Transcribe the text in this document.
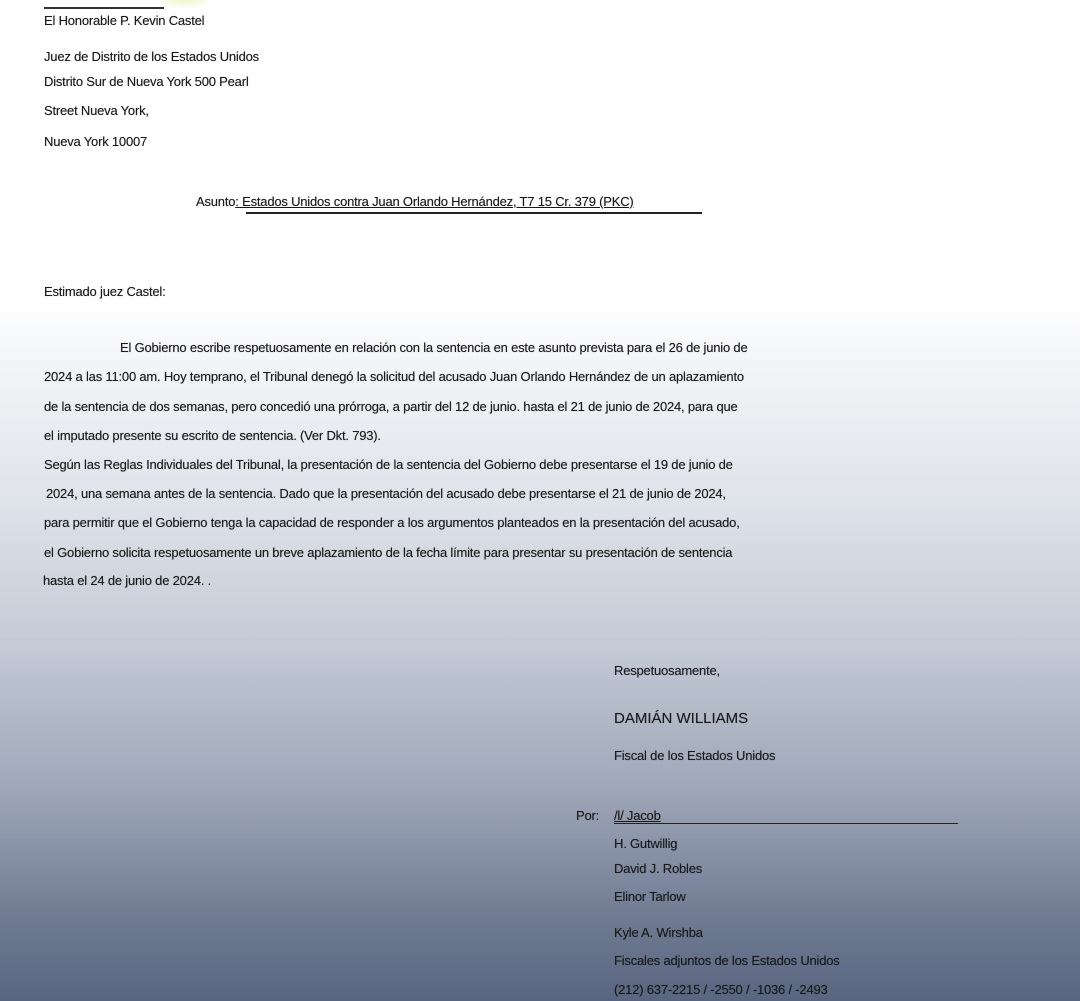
El Honorable P. Kevin Castel
Juez de Distrito de los Estados Unidos
Distrito Sur de Nueva York 500 Pearl
Street Nueva York,
Nueva York 10007
Asunto: Estados Unidos contra Juan Orlando Hernández, T7 15 Cr. 379 (PKC)
Estimado juez Castel:
El Gobierno escribe respetuosamente en relación con la sentencia en este asunto prevista para el 26 de junio de
2024 a las 11:00 am. Hoy temprano, el Tribunal denegó la solicitud del acusado Juan Orlando Hernández de un aplazamiento
de la sentencia de dos semanas, pero concedió una prórroga, a partir del 12 de junio. hasta el 21 de junio de 2024, para que
el imputado presente su escrito de sentencia. (Ver Dkt. 793).
Según las Reglas Individuales del Tribunal, la presentación de la sentencia del Gobierno debe presentarse el 19 de junio de
2024, una semana antes de la sentencia. Dado que la presentación del acusado debe presentarse el 21 de junio de 2024,
para permitir que el Gobierno tenga la capacidad de responder a los argumentos planteados en la presentación del acusado,
el Gobierno solicita respetuosamente un breve aplazamiento de la fecha límite para presentar su presentación de sentencia
hasta el 24 de junio de 2024. .
Respetuosamente,
DAMIÁN WILLIAMS
Fiscal de los Estados Unidos
Por: /l/ Jacob
H. Gutwillig
David J. Robles
Elinor Tarlow
Kyle A. Wirshba
Fiscales adjuntos de los Estados Unidos
(212) 637-2215 / -2550 / -1036 / -2493
